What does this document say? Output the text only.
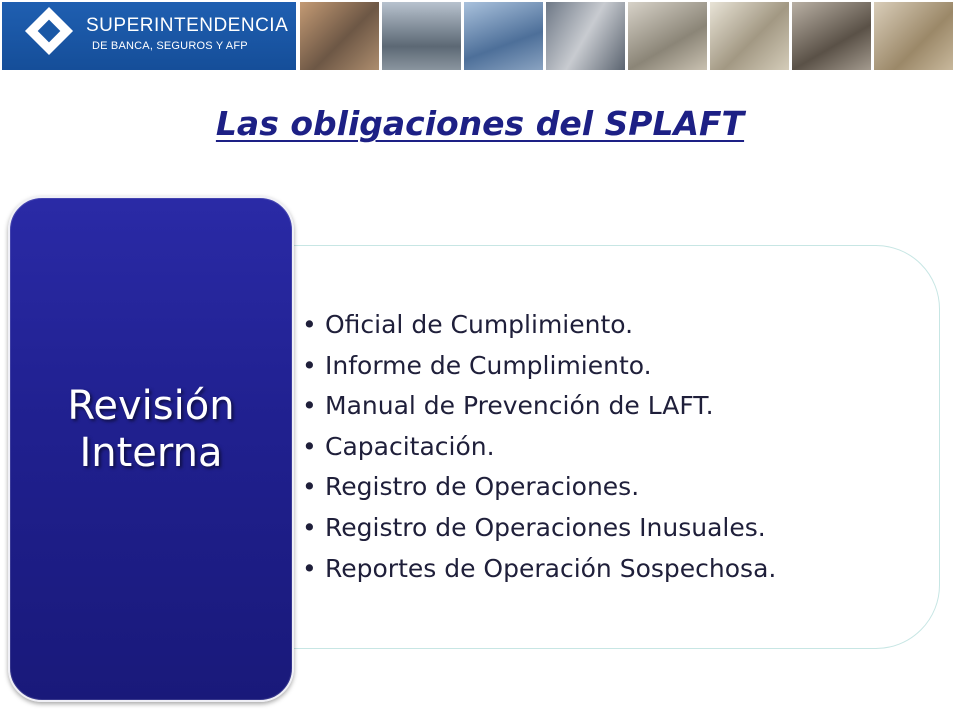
SUPERINTENDENCIA
DE BANCA, SEGUROS Y AFP
Las obligaciones del SPLAFT
• Oficial de Cumplimiento.
• Informe de Cumplimiento.
• Manual de Prevención de LAFT.
• Capacitación.
• Registro de Operaciones.
• Registro de Operaciones Inusuales.
• Reportes de Operación Sospechosa.
Revisión
Interna
